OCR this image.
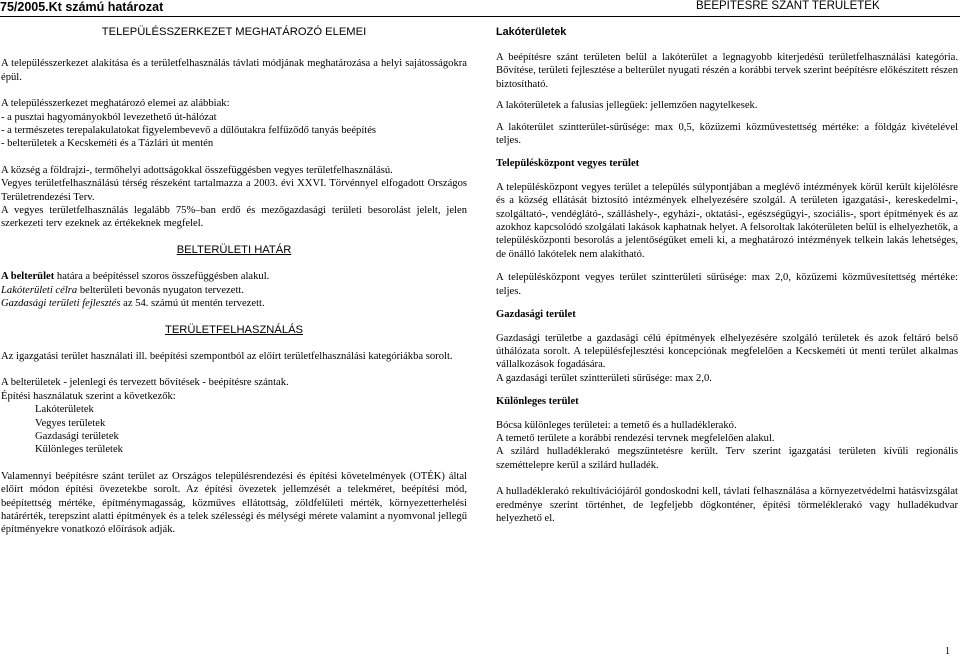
75/2005.Kt számú határozat	BEÉPÍTÉSRE SZÁNT TERÜLETEK
TELEPÜLÉSSZERKEZET MEGHATÁROZÓ ELEMEI

A településszerkezet alakítása és a területfelhasználás távlati módjának meghatározása a helyi sajátosságokra épül.

A településszerkezet meghatározó elemei az alábbiak:

- a pusztai hagyományokból levezethető út-hálózat

- a természetes terepalakulatokat figyelembevevő a dűlőutakra felfűződő tanyás beépítés

- belterületek a Kecskeméti és a Tázlári út mentén

A község a földrajzi-, termőhelyi adottságokkal összefüggésben vegyes területfelhasználású.

Vegyes területfelhasználású térség részeként tartalmazza a 2003. évi XXVI. Törvénnyel elfogadott Országos Területrendezési Terv.

A vegyes területfelhasználás legalább 75%–ban erdő és mezőgazdasági területi besorolást jelelt, jelen szerkezeti terv ezeknek az értékeknek megfelel.

BELTERÜLETI HATÁR

A belterület határa a beépítéssel szoros összefüggésben alakul.

Lakóterületi célra belterületi bevonás nyugaton tervezett.

Gazdasági területi fejlesztés az 54. számú út mentén tervezett.

TERÜLETFELHASZNÁLÁS

Az igazgatási terület használati ill. beépítési szempontból az előírt területfelhasználási kategóriákba sorolt.

A belterületek - jelenlegi és tervezett bővítések - beépítésre szántak.

Építési használatuk szerint a következők:

Lakóterületek

Vegyes területek

Gazdasági területek

Különleges területek

Valamennyi beépítésre szánt terület az Országos településrendezési és építési követelmények (OTÉK) által előírt módon építési övezetekbe sorolt. Az építési övezetek jellemzését a telekméret, beépítési mód, beépítettség mértéke, építménymagasság, közműves ellátottság, zöldfelületi mérték, környezetterhelési határérték, terepszint alatti építmények és a telek szélességi és mélységi mérete valamint a nyomvonal jellegű építményekre vonatkozó előírások adják.

Lakóterületek

A beépítésre szánt területen belül a lakóterület a legnagyobb kiterjedésű területfelhasználási kategória. Bővítése, területi fejlesztése a belterület nyugati részén a korábbi tervek szerint beépítésre előkészített részen biztosítható.

A lakóterületek a falusias jellegűek: jellemzően nagytelkesek.

A lakóterület szintterület-sűrűsége: max 0,5, közüzemi közművestettség mértéke: a földgáz kivételével teljes.

Településközpont vegyes terület

A településközpont vegyes terület a település súlypontjában a meglévő intézmények körül került kijelölésre és a község ellátását biztosító intézmények elhelyezésére szolgál. A területen igazgatási-, kereskedelmi-, szolgáltató-, vendéglátó-, szálláshely-, egyházi-, oktatási-, egészségügyi-, szociális-, sport építmények és az azokhoz kapcsolódó szolgálati lakások kaphatnak helyet. A felsoroltak lakóterületen belül is elhelyezhetők, a településközponti besorolás a jelentőségüket emeli ki, a meghatározó intézmények telkein lakás lehetséges, de önálló lakótelek nem alakítható.

A településközpont vegyes terület szintterületi sűrűsége: max 2,0, közüzemi közművesítettség mértéke: teljes.

Gazdasági terület

Gazdasági területbe a gazdasági célú építmények elhelyezésére szolgáló területek és azok feltáró belső úthálózata sorolt. A településfejlesztési koncepciónak megfelelően a Kecskeméti út menti terület alkalmas vállalkozások fogadására.

A gazdasági terület szintterületi sűrűsége: max 2,0.

Különleges terület

Bócsa különleges területei: a temető és a hulladéklerakó.

A temető területe a korábbi rendezési tervnek megfelelően alakul.

A szilárd hulladéklerakó megszüntetésre került. Terv szerint igazgatási területen kívüli regionális szeméttelepre kerül a szilárd hulladék.

A hulladéklerakó rekultivációjáról gondoskodni kell, távlati felhasználása a környezetvédelmi hatásvizsgálat eredménye szerint történhet, de legfeljebb dögkonténer, építési törmeléklerakó vagy hulladékudvar helyezhető el.

1
